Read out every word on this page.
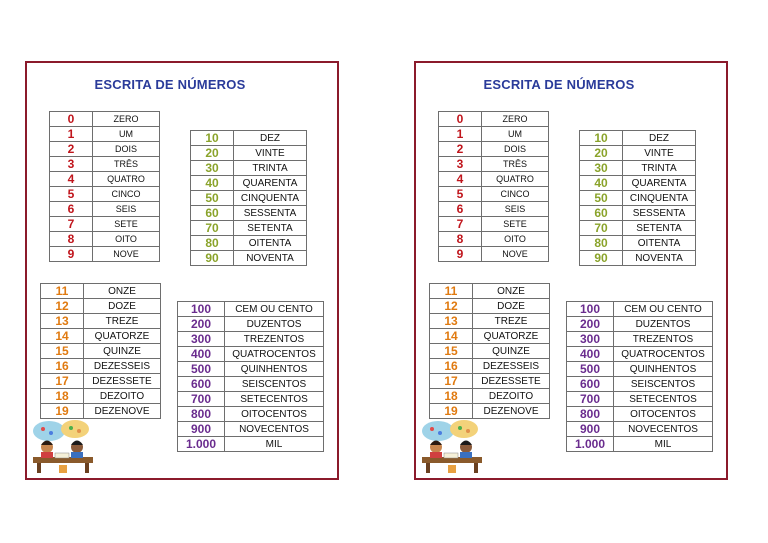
ESCRITA DE NÚMEROS
0	ZERO
1	UM
2	DOIS
3	TRÊS
4	QUATRO
5	CINCO
6	SEIS
7	SETE
8	OITO
9	NOVE
10	DEZ
20	VINTE
30	TRINTA
40	QUARENTA
50	CINQUENTA
60	SESSENTA
70	SETENTA
80	OITENTA
90	NOVENTA
11	ONZE
12	DOZE
13	TREZE
14	QUATORZE
15	QUINZE
16	DEZESSEIS
17	DEZESSETE
18	DEZOITO
19	DEZENOVE
100	CEM OU CENTO
200	DUZENTOS
300	TREZENTOS
400	QUATROCENTOS
500	QUINHENTOS
600	SEISCENTOS
700	SETECENTOS
800	OITOCENTOS
900	NOVECENTOS
1.000	MIL
ESCRITA DE NÚMEROS
0	ZERO
1	UM
2	DOIS
3	TRÊS
4	QUATRO
5	CINCO
6	SEIS
7	SETE
8	OITO
9	NOVE
10	DEZ
20	VINTE
30	TRINTA
40	QUARENTA
50	CINQUENTA
60	SESSENTA
70	SETENTA
80	OITENTA
90	NOVENTA
11	ONZE
12	DOZE
13	TREZE
14	QUATORZE
15	QUINZE
16	DEZESSEIS
17	DEZESSETE
18	DEZOITO
19	DEZENOVE
100	CEM OU CENTO
200	DUZENTOS
300	TREZENTOS
400	QUATROCENTOS
500	QUINHENTOS
600	SEISCENTOS
700	SETECENTOS
800	OITOCENTOS
900	NOVECENTOS
1.000	MIL
